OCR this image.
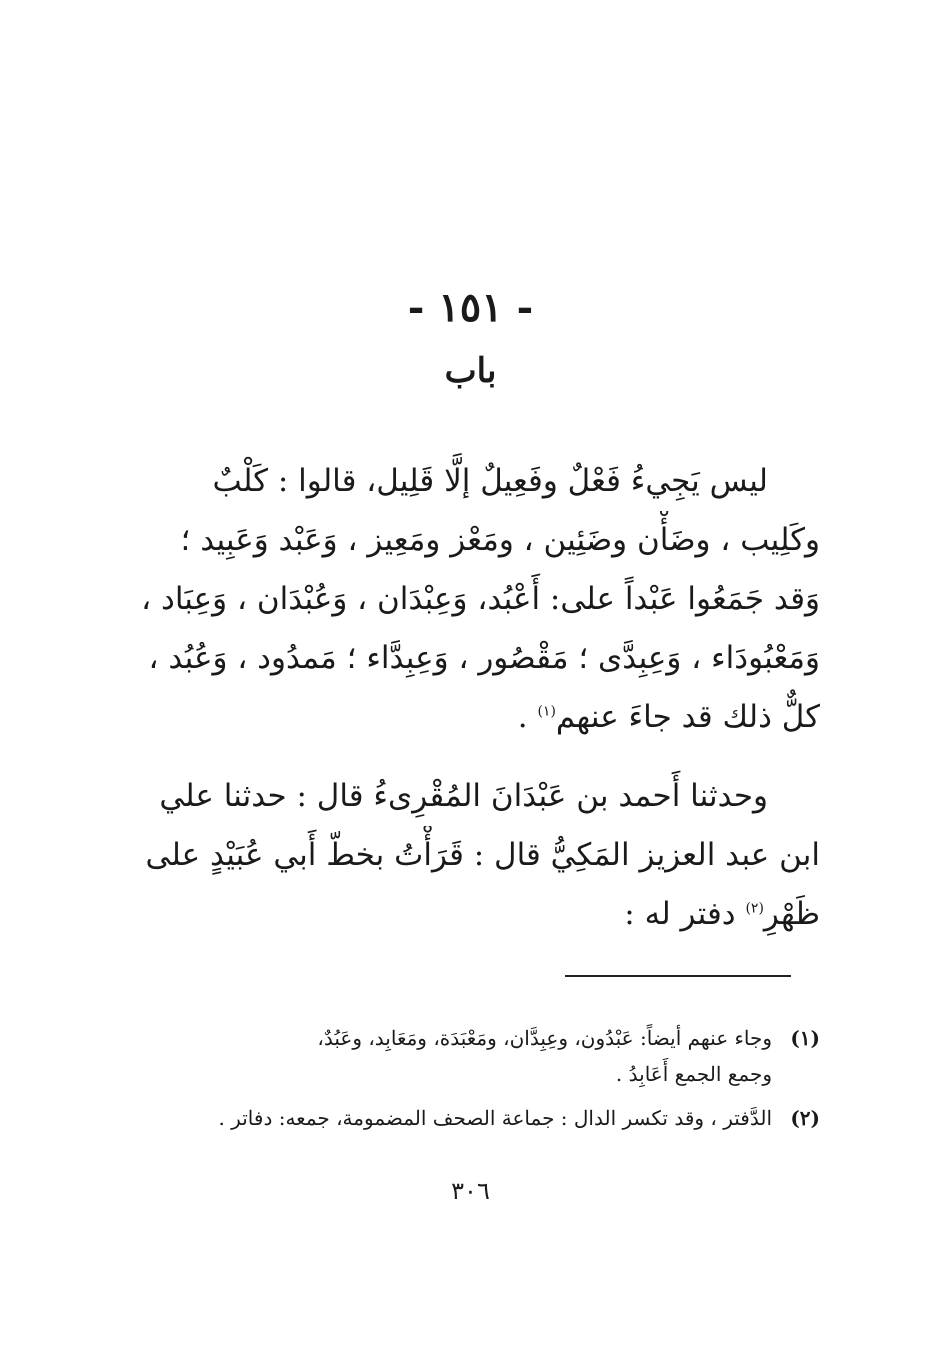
- ١٥١ -
باب
ليس يَجِيءُ فَعْلٌ وفَعِيلٌ إلَّا قَلِيل، قالوا : كَلْبٌ
وكَلِيب ، وضَأْن وضَئِين ، ومَعْز ومَعِيز ، وَعَبْد وَعَبِيد ؛
وَقد جَمَعُوا عَبْداً على: أَعْبُد، وَعِبْدَان ، وَعُبْدَان ، وَعِبَاد ،
وَمَعْبُودَاء ، وَعِبِدَّى ؛ مَقْصُور ، وَعِبِدَّاء ؛ مَمدُود ، وَعُبُد ،
كلٌّ ذلك قد جاءَ عنهم$^{(١)}$ .
وحدثنا أَحمد بن عَبْدَانَ المُقْرِىءُ قال : حدثنا علي
ابن عبد العزيز المَكِيُّ قال : قَرَأْتُ بخطّ أَبي عُبَيْدٍ على
ظَهْرِ$^{(٢)}$ دفتر له :
(١)
وجاء عنهم أيضاً: عَبْدُون، وعِبِدَّان، ومَعْبَدَة، ومَعَابِد، وعَبُدٌ،
وجمع الجمع أَعَابِدُ .
(٢)
الدَّفتر ، وقد تكسر الدال : جماعة الصحف المضمومة، جمعه: دفاتر .
٣٠٦
